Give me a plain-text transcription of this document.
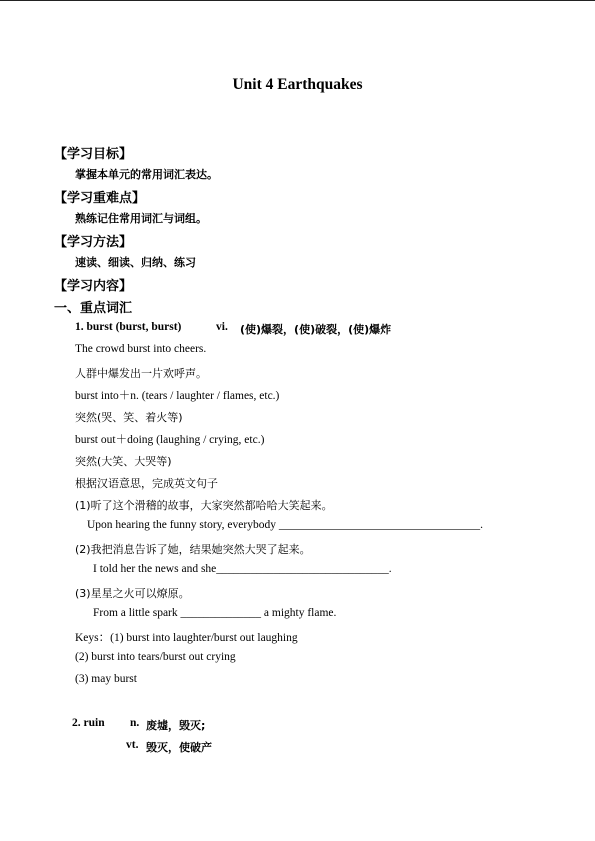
Unit 4 Earthquakes
【学习目标】
掌握本单元的常用词汇表达。
【学习重难点】
熟练记住常用词汇与词组。
【学习方法】
速读、细读、归纳、练习
【学习内容】
一、重点词汇
1. burst (burst, burst)	vi. (使)爆裂，(使)破裂，(使)爆炸
The crowd burst into cheers.
人群中爆发出一片欢呼声。
burst into＋n. (tears / laughter / flames, etc.)
突然(哭、笑、着火等)
burst out＋doing (laughing / crying, etc.)
突然(大笑、大哭等)
根据汉语意思，完成英文句子
(1)听了这个滑稽的故事，大家突然都哈哈大笑起来。
Upon hearing the funny story, everybody ___________________________________.
(2)我把消息告诉了她，结果她突然大哭了起来。
I told her the news and she______________________________.
(3)星星之火可以燎原。
From a little spark ______________ a mighty flame.
Keys：(1) burst into laughter/burst out laughing
(2) burst into tears/burst out crying
(3) may burst
2. ruin n. 废墟，毁灭;
vt. 毁灭，使破产
